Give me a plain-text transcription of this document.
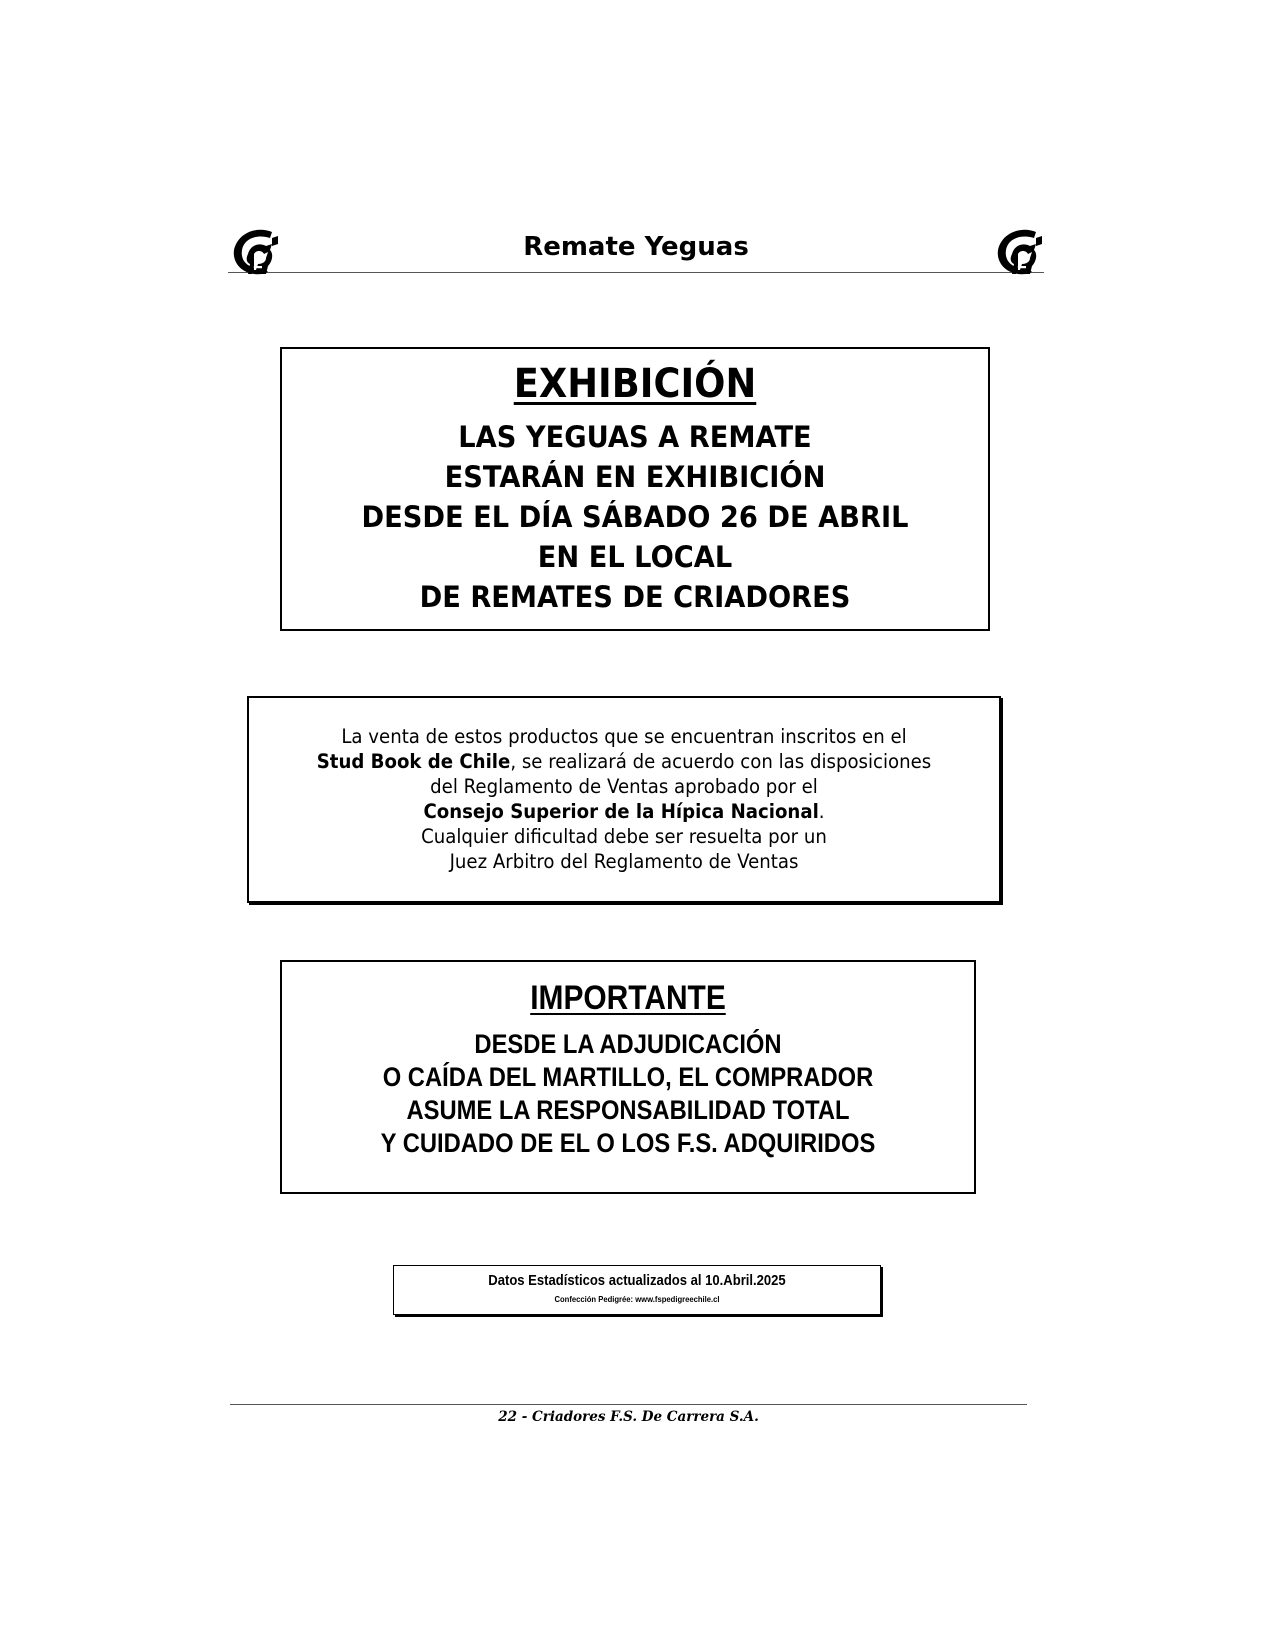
Remate Yeguas
EXHIBICIÓN
LAS YEGUAS A REMATE
ESTARÁN EN EXHIBICIÓN
DESDE EL DÍA SÁBADO 26 DE ABRIL
EN EL LOCAL
DE REMATES DE CRIADORES
La venta de estos productos que se encuentran inscritos en el
Stud Book de Chile, se realizará de acuerdo con las disposiciones
del Reglamento de Ventas aprobado por el
Consejo Superior de la Hípica Nacional.
Cualquier dificultad debe ser resuelta por un
Juez Arbitro del Reglamento de Ventas
IMPORTANTE
DESDE LA ADJUDICACIÓN
O CAÍDA DEL MARTILLO, EL COMPRADOR
ASUME LA RESPONSABILIDAD TOTAL
Y CUIDADO DE EL O LOS F.S. ADQUIRIDOS
Datos Estadísticos actualizados al 10.Abril.2025
Confección Pedigrée: www.fspedigreechile.cl
22 - Criadores F.S. De Carrera S.A.
